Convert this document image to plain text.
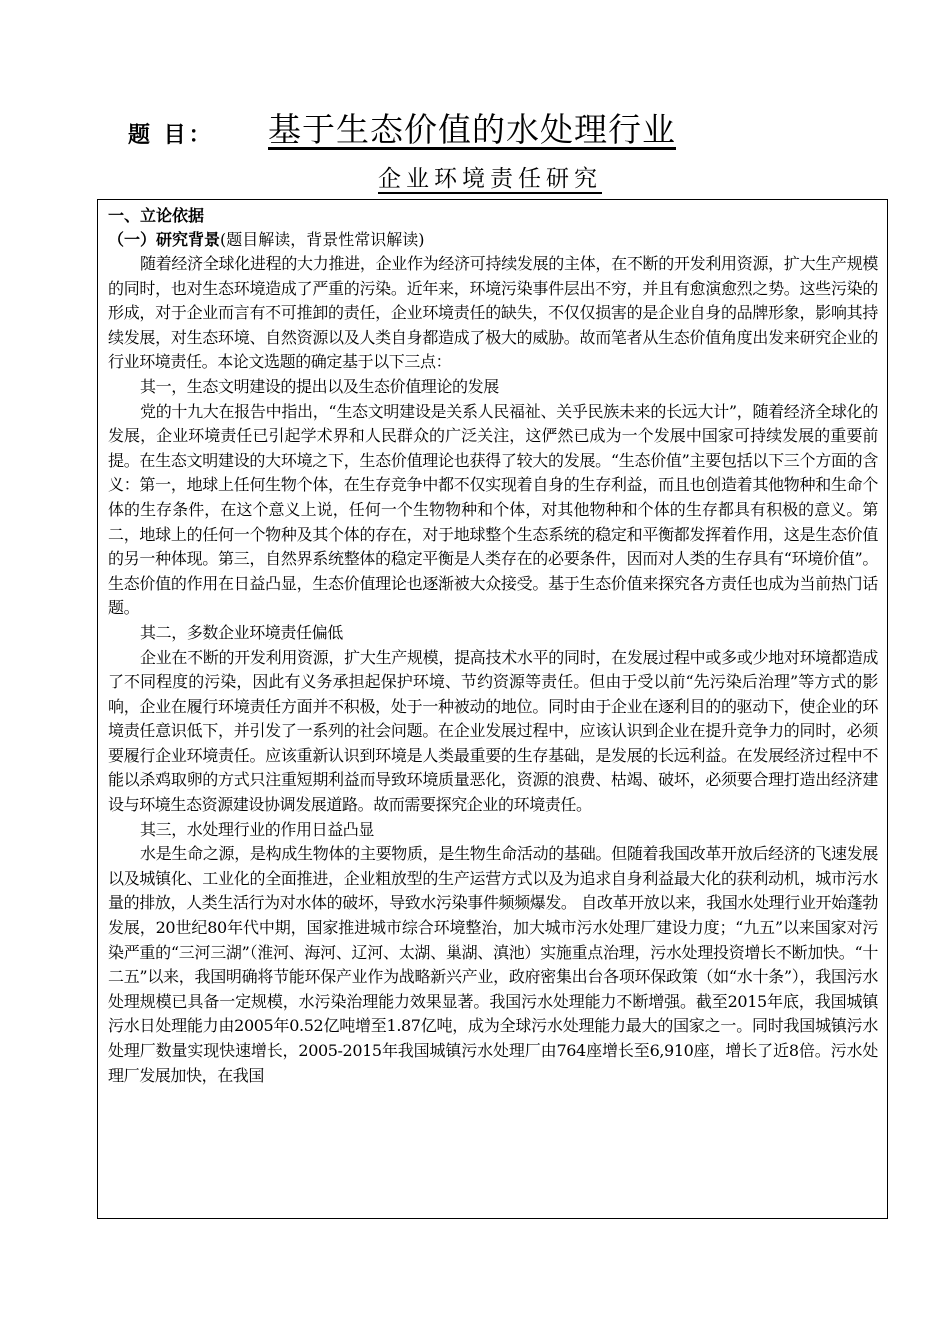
题 目： 基于生态价值的水处理行业
企业环境责任研究

一、立论依据

（一）研究背景(题目解读，背景性常识解读)

随着经济全球化进程的大力推进，企业作为经济可持续发展的主体，在不断的开发利用资源，扩大生产规模的同时，也对生态环境造成了严重的污染。近年来，环境污染事件层出不穷，并且有愈演愈烈之势。这些污染的形成，对于企业而言有不可推卸的责任，企业环境责任的缺失，不仅仅损害的是企业自身的品牌形象，影响其持续发展，对生态环境、自然资源以及人类自身都造成了极大的威胁。故而笔者从生态价值角度出发来研究企业的行业环境责任。本论文选题的确定基于以下三点：

其一，生态文明建设的提出以及生态价值理论的发展

党的十九大在报告中指出，“生态文明建设是关系人民福祉、关乎民族未来的长远大计”，随着经济全球化的发展，企业环境责任已引起学术界和人民群众的广泛关注，这俨然已成为一个发展中国家可持续发展的重要前提。在生态文明建设的大环境之下，生态价值理论也获得了较大的发展。“生态价值”主要包括以下三个方面的含义：第一，地球上任何生物个体，在生存竞争中都不仅实现着自身的生存利益，而且也创造着其他物种和生命个体的生存条件，在这个意义上说，任何一个生物物种和个体，对其他物种和个体的生存都具有积极的意义。第二，地球上的任何一个物种及其个体的存在，对于地球整个生态系统的稳定和平衡都发挥着作用，这是生态价值的另一种体现。第三，自然界系统整体的稳定平衡是人类存在的必要条件，因而对人类的生存具有“环境价值”。生态价值的作用在日益凸显，生态价值理论也逐渐被大众接受。基于生态价值来探究各方责任也成为当前热门话题。

其二，多数企业环境责任偏低

企业在不断的开发利用资源，扩大生产规模，提高技术水平的同时，在发展过程中或多或少地对环境都造成了不同程度的污染，因此有义务承担起保护环境、节约资源等责任。但由于受以前“先污染后治理”等方式的影响，企业在履行环境责任方面并不积极，处于一种被动的地位。同时由于企业在逐利目的的驱动下，使企业的环境责任意识低下，并引发了一系列的社会问题。在企业发展过程中，应该认识到企业在提升竞争力的同时，必须要履行企业环境责任。应该重新认识到环境是人类最重要的生存基础，是发展的长远利益。在发展经济过程中不能以杀鸡取卵的方式只注重短期利益而导致环境质量恶化，资源的浪费、枯竭、破坏，必须要合理打造出经济建设与环境生态资源建设协调发展道路。故而需要探究企业的环境责任。

其三，水处理行业的作用日益凸显

水是生命之源，是构成生物体的主要物质，是生物生命活动的基础。但随着我国改革开放后经济的飞速发展以及城镇化、工业化的全面推进，企业粗放型的生产运营方式以及为追求自身利益最大化的获利动机，城市污水量的排放，人类生活行为对水体的破坏，导致水污染事件频频爆发。 自改革开放以来，我国水处理行业开始蓬勃发展，20世纪80年代中期，国家推进城市综合环境整治，加大城市污水处理厂建设力度；“九五”以来国家对污染严重的“三河三湖”（淮河、海河、辽河、太湖、巢湖、滇池）实施重点治理，污水处理投资增长不断加快。“十二五”以来，我国明确将节能环保产业作为战略新兴产业，政府密集出台各项环保政策（如“水十条”），我国污水处理规模已具备一定规模，水污染治理能力效果显著。我国污水处理能力不断增强。截至2015年底，我国城镇污水日处理能力由2005年0.52亿吨增至1.87亿吨，成为全球污水处理能力最大的国家之一。同时我国城镇污水处理厂数量实现快速增长，2005-2015年我国城镇污水处理厂由764座增长至6,910座，增长了近8倍。污水处理厂发展加快，在我国
